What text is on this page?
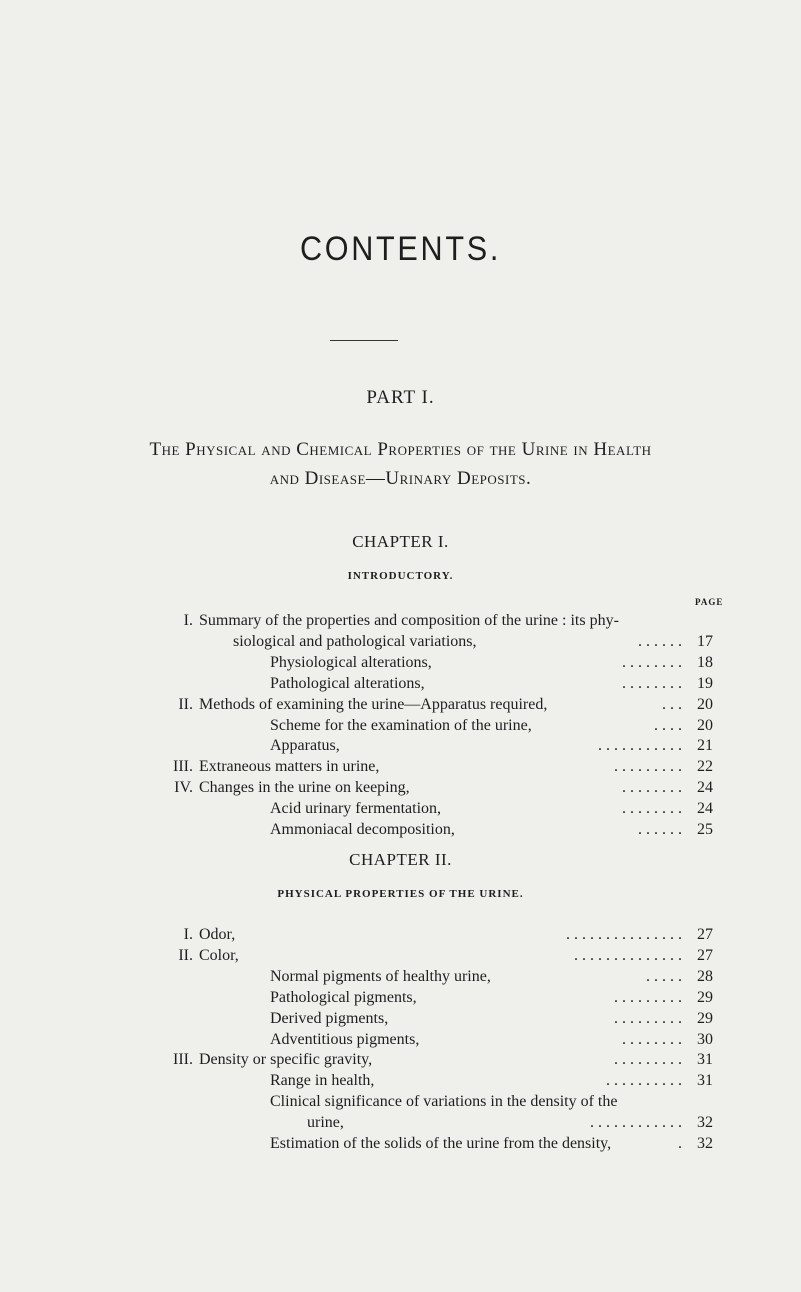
CONTENTS.
PART I.
The Physical and Chemical Properties of the Urine in Health
and Disease—Urinary Deposits.
CHAPTER I.
INTRODUCTORY.
PAGE
I. Summary of the properties and composition of the urine : its phy-
siological and pathological variations,	. . . . . . 17
Physiological alterations,	. . . . . . . . 18
Pathological alterations,	. . . . . . . . 19
II. Methods of examining the urine—Apparatus required,	. . . 20
Scheme for the examination of the urine,	. . . . 20
Apparatus,	. . . . . . . . . . . 21
III. Extraneous matters in urine,	. . . . . . . . . 22
IV. Changes in the urine on keeping,	. . . . . . . . 24
Acid urinary fermentation,	. . . . . . . . 24
Ammoniacal decomposition,	. . . . . . 25
CHAPTER II.
PHYSICAL PROPERTIES OF THE URINE.
I. Odor,	. . . . . . . . . . . . . . . 27
II. Color,	. . . . . . . . . . . . . . 27
Normal pigments of healthy urine,	. . . . . 28
Pathological pigments,	. . . . . . . . . 29
Derived pigments,	. . . . . . . . . 29
Adventitious pigments,	. . . . . . . . 30
III. Density or specific gravity,	. . . . . . . . . 31
Range in health,	. . . . . . . . . . 31
Clinical significance of variations in the density of the
urine,	. . . . . . . . . . . . 32
Estimation of the solids of the urine from the density,	. 32
